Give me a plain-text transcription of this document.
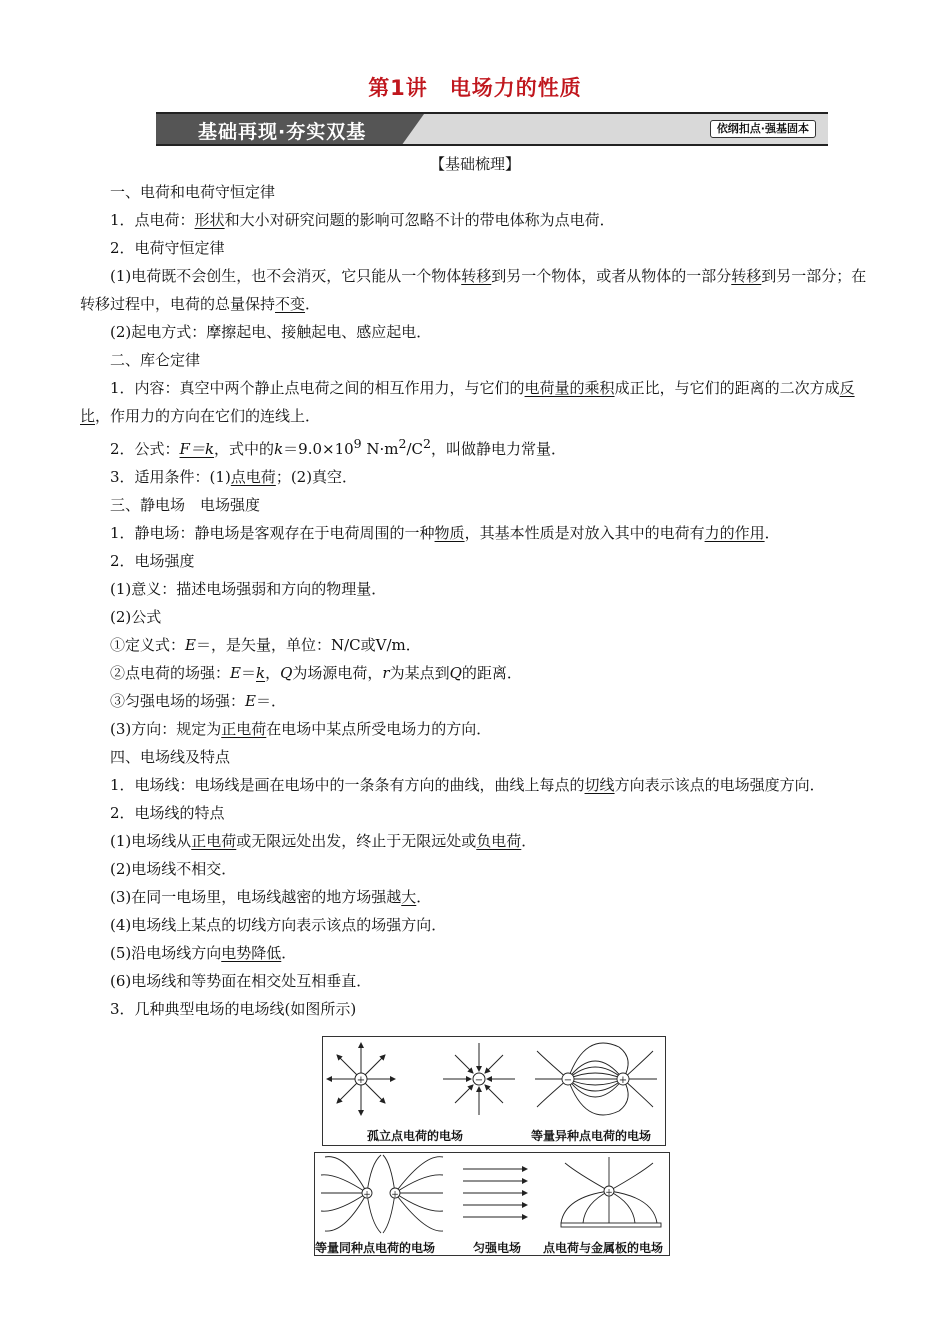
第1讲　电场力的性质
基础再现·夯实双基	依纲扣点·强基固本
【基础梳理】

一、电荷和电荷守恒定律

1．点电荷：形状和大小对研究问题的影响可忽略不计的带电体称为点电荷．

2．电荷守恒定律

(1)电荷既不会创生，也不会消灭，它只能从一个物体转移到另一个物体，或者从物体的一部分转移到另一部分；在转移过程中，电荷的总量保持不变．

(2)起电方式：摩擦起电、接触起电、感应起电．

二、库仑定律

1．内容：真空中两个静止点电荷之间的相互作用力，与它们的电荷量的乘积成正比，与它们的距离的二次方成反比，作用力的方向在它们的连线上．

2．公式：F＝k，式中的$k=9.0\times 10^9$ $N\cdot m^2/C^2$，叫做静电力常量．

3．适用条件：(1)点电荷；(2)真空．

三、静电场　电场强度

1．静电场：静电场是客观存在于电荷周围的一种物质，其基本性质是对放入其中的电荷有力的作用．

2．电场强度

(1)意义：描述电场强弱和方向的物理量．

(2)公式

①定义式：E＝，是矢量，单位：N/C或V/m．

②点电荷的场强：E＝k，Q为场源电荷，r为某点到Q的距离．

③匀强电场的场强：E＝．

(3)方向：规定为正电荷在电场中某点所受电场力的方向．

四、电场线及特点

1．电场线：电场线是画在电场中的一条条有方向的曲线，曲线上每点的切线方向表示该点的电场强度方向．

2．电场线的特点

(1)电场线从正电荷或无限远处出发，终止于无限远处或负电荷．

(2)电场线不相交．

(3)在同一电场里，电场线越密的地方场强越大．

(4)电场线上某点的切线方向表示该点的场强方向．

(5)沿电场线方向电势降低．

(6)电场线和等势面在相交处互相垂直．

3．几种典型电场的电场线(如图所示)

+	−	−	+
孤立点电荷的电场	等量异种点电荷的电场
+ +	+
等量同种点电荷的电场	匀强电场 点电荷与金属板的电场
